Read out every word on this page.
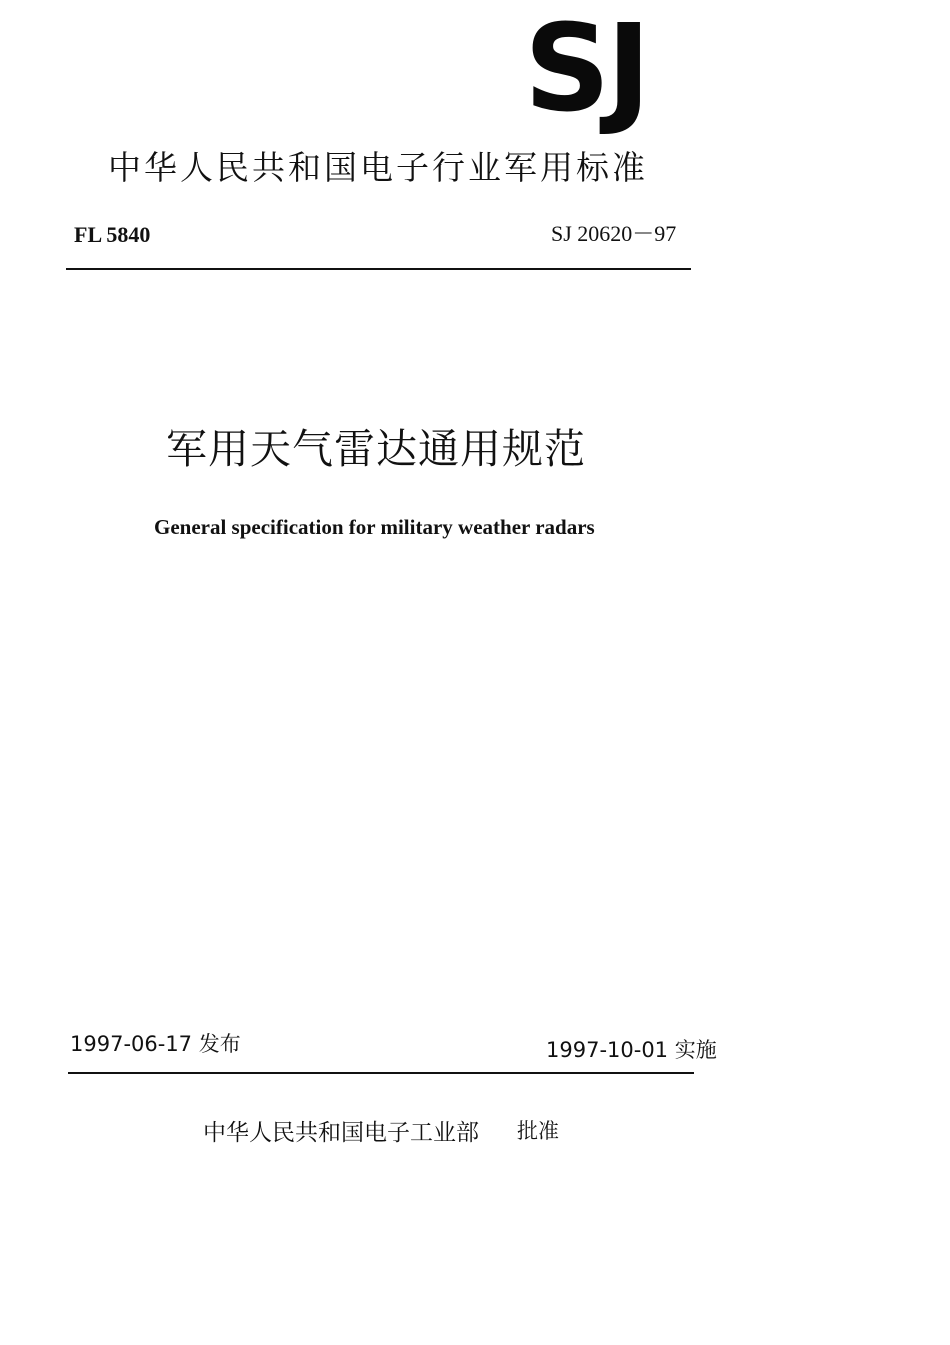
SJ
中华人民共和国电子行业军用标准
FL 5840	SJ 20620－97
军用天气雷达通用规范
General specification for military weather radars
1997-06-17 发布	1997-10-01 实施
中华人民共和国电子工业部 批准
